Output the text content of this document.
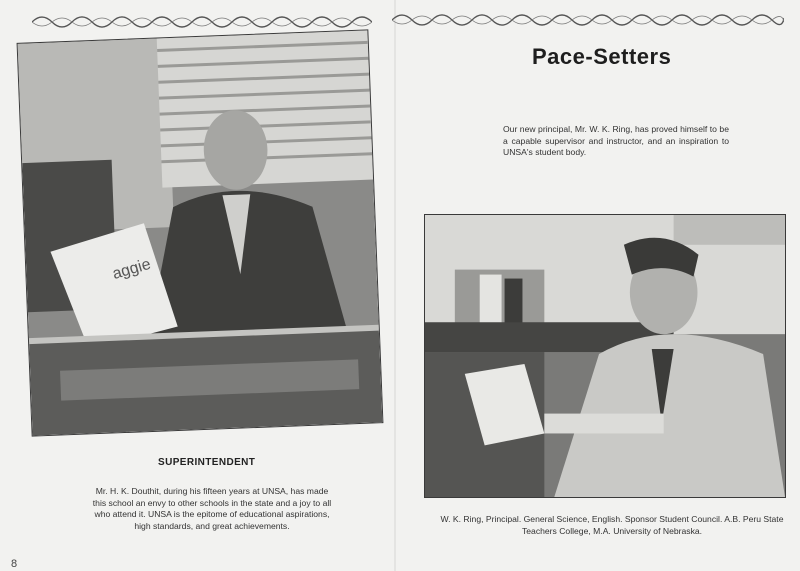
aggie
SUPERINTENDENT

Mr. H. K. Douthit, during his fifteen years at UNSA, has made this school an envy to other schools in the state and a joy to all who attend it. UNSA is the epitome of educational aspirations, high standards, and great achievements.

Pace-Setters

Our new principal, Mr. W. K. Ring, has proved himself to be a capable supervisor and instructor, and an inspiration to UNSA's student body.

W. K. Ring, Principal. General Science, English. Sponsor Student Council. A.B. Peru State Teachers College, M.A. University of Nebraska.

8
